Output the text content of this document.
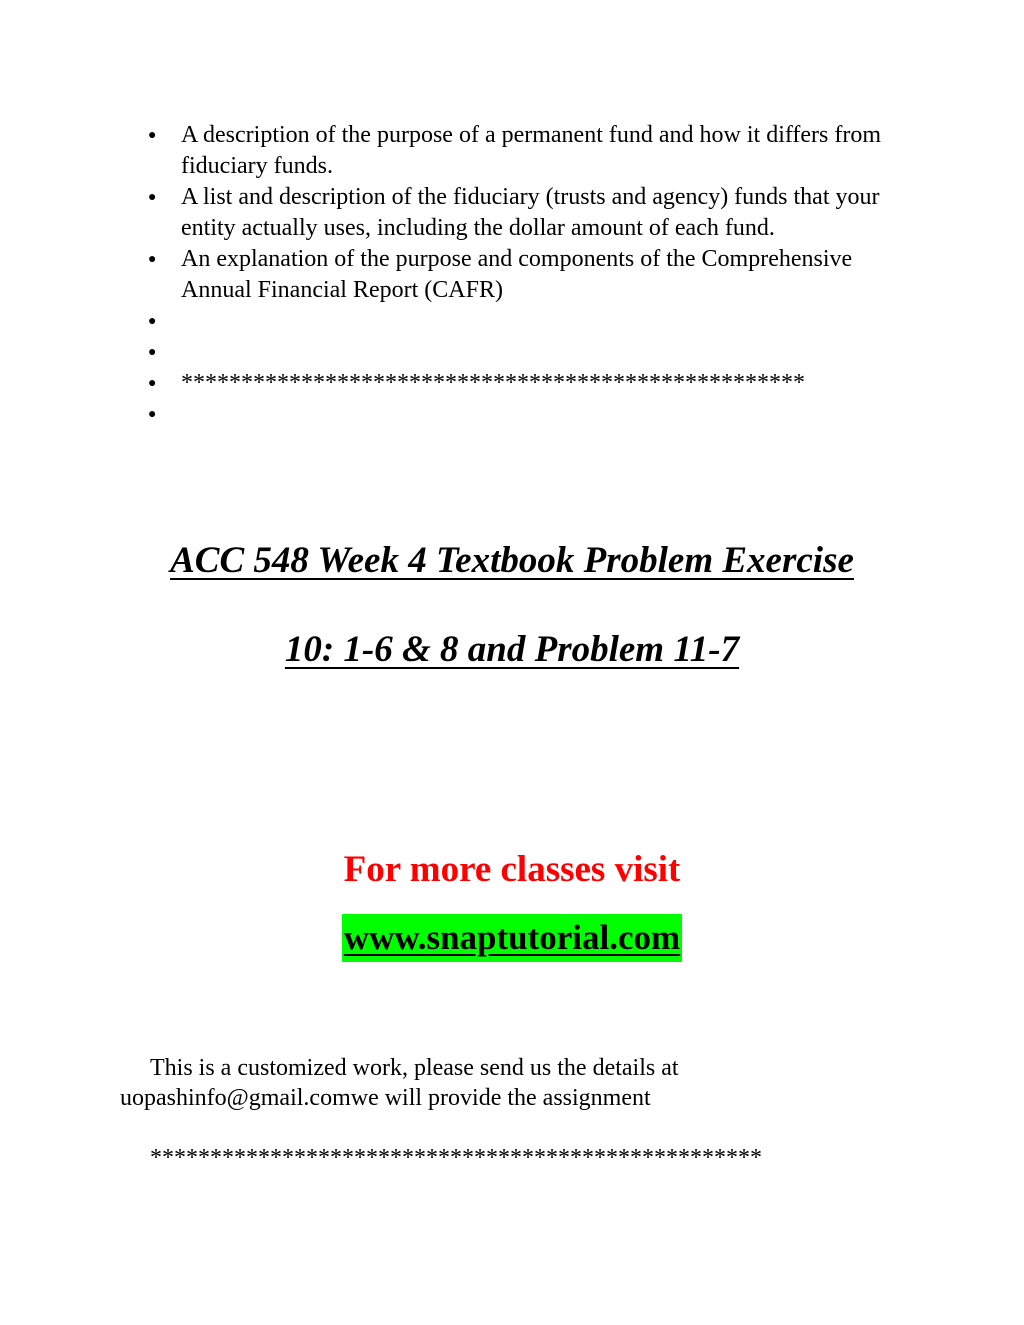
● A description of the purpose of a permanent fund and how it differs from fiduciary funds.
● A list and description of the fiduciary (trusts and agency) funds that your entity actually uses, including the dollar amount of each fund.
● An explanation of the purpose and components of the Comprehensive Annual Financial Report (CAFR)
●

●

● ****************************************************
●

ACC 548 Week 4 Textbook Problem Exercise
10: 1-6 & 8 and Problem 11-7
For more classes visit
www.snaptutorial.com

This is a customized work, please send us the details at
uopashinfo@gmail.comwe will provide the assignment

***************************************************
